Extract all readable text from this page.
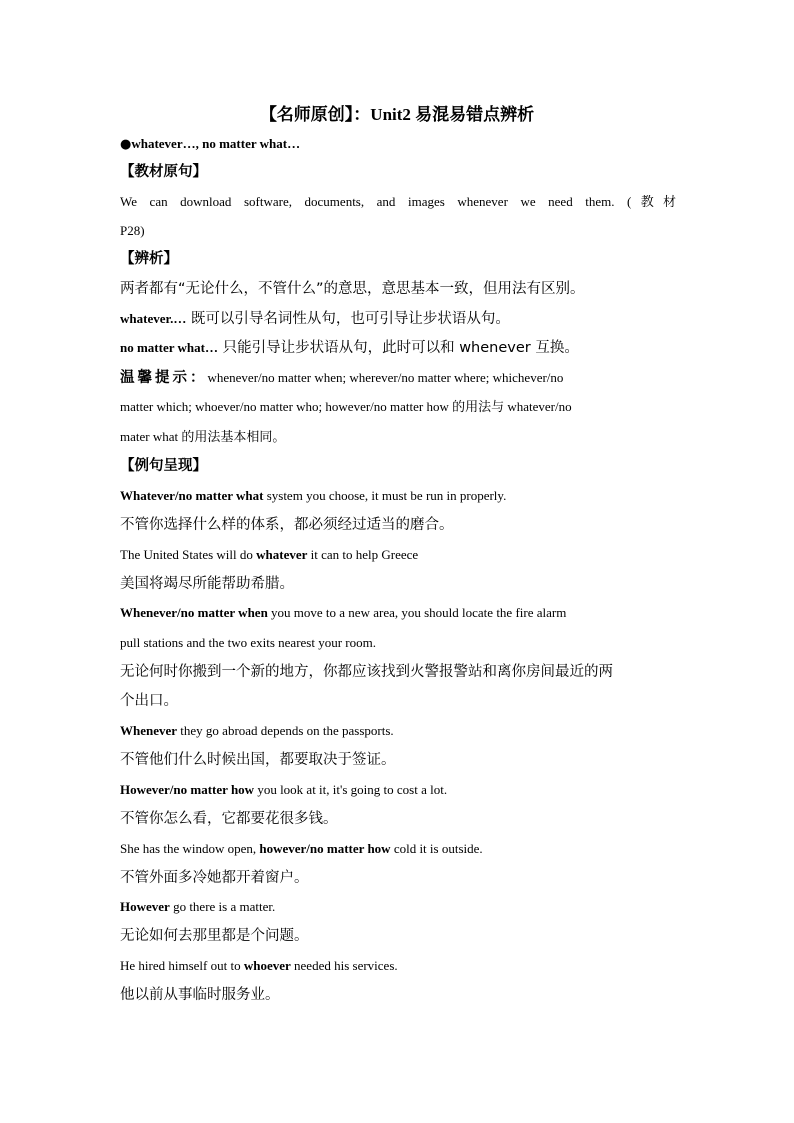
【名师原创】：Unit2 易混易错点辨析
●whatever…, no matter what…
【教材原句】
We can download software, documents, and images whenever we need them. (教材
P28)
【辨析】
两者都有“无论什么，不管什么”的意思，意思基本一致，但用法有区别。
whatever.… 既可以引导名词性从句，也可引导让步状语从句。
no matter what… 只能引导让步状语从句，此时可以和 whenever 互换。
温馨提示：whenever/no matter when; wherever/no matter where; whichever/no
matter which; whoever/no matter who; however/no matter how 的用法与 whatever/no
mater what 的用法基本相同。
【例句呈现】
Whatever/no matter what system you choose, it must be run in properly.
不管你选择什么样的体系，都必须经过适当的磨合。
The United States will do whatever it can to help Greece
美国将竭尽所能帮助希腊。
Whenever/no matter when you move to a new area, you should locate the fire alarm
pull stations and the two exits nearest your room.
无论何时你搬到一个新的地方，你都应该找到火警报警站和离你房间最近的两
个出口。
Whenever they go abroad depends on the passports.
不管他们什么时候出国，都要取决于签证。
However/no matter how you look at it, it's going to cost a lot.
不管你怎么看，它都要花很多钱。
She has the window open, however/no matter how cold it is outside.
不管外面多冷她都开着窗户。
However go there is a matter.
无论如何去那里都是个问题。
He hired himself out to whoever needed his services.
他以前从事临时服务业。
